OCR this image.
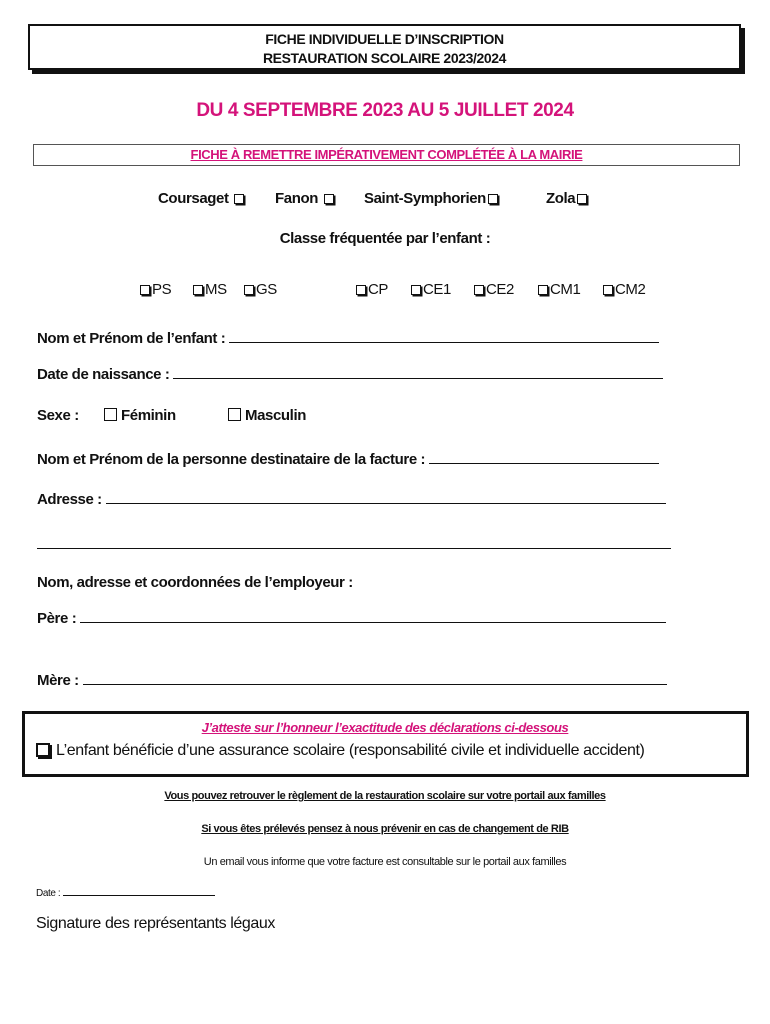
FICHE INDIVIDUELLE D’INSCRIPTION
RESTAURATION SCOLAIRE 2023/2024
DU 4 SEPTEMBRE 2023 AU 5 JUILLET 2024
FICHE À REMETTRE IMPÉRATIVEMENT COMPLÉTÉE À LA MAIRIE
Coursaget	Fanon	Saint-Symphorien	Zola
Classe fréquentée par l’enfant :
PS	MS	GS	CP	CE1	CE2	CM1	CM2
Nom et Prénom de l’enfant :
Date de naissance :
Sexe :	Féminin	Masculin
Nom et Prénom de la personne destinataire de la facture :
Adresse :
Nom, adresse et coordonnées de l’employeur :
Père :
Mère :
J’atteste sur l’honneur l’exactitude des déclarations ci-dessous
L’enfant bénéficie d’une assurance scolaire (responsabilité civile et individuelle accident)
Vous pouvez retrouver le règlement de la restauration scolaire sur votre portail aux familles
Si vous êtes prélevés pensez à nous prévenir en cas de changement de RIB
Un email vous informe que votre facture est consultable sur le portail aux familles
Date :
Signature des représentants légaux
